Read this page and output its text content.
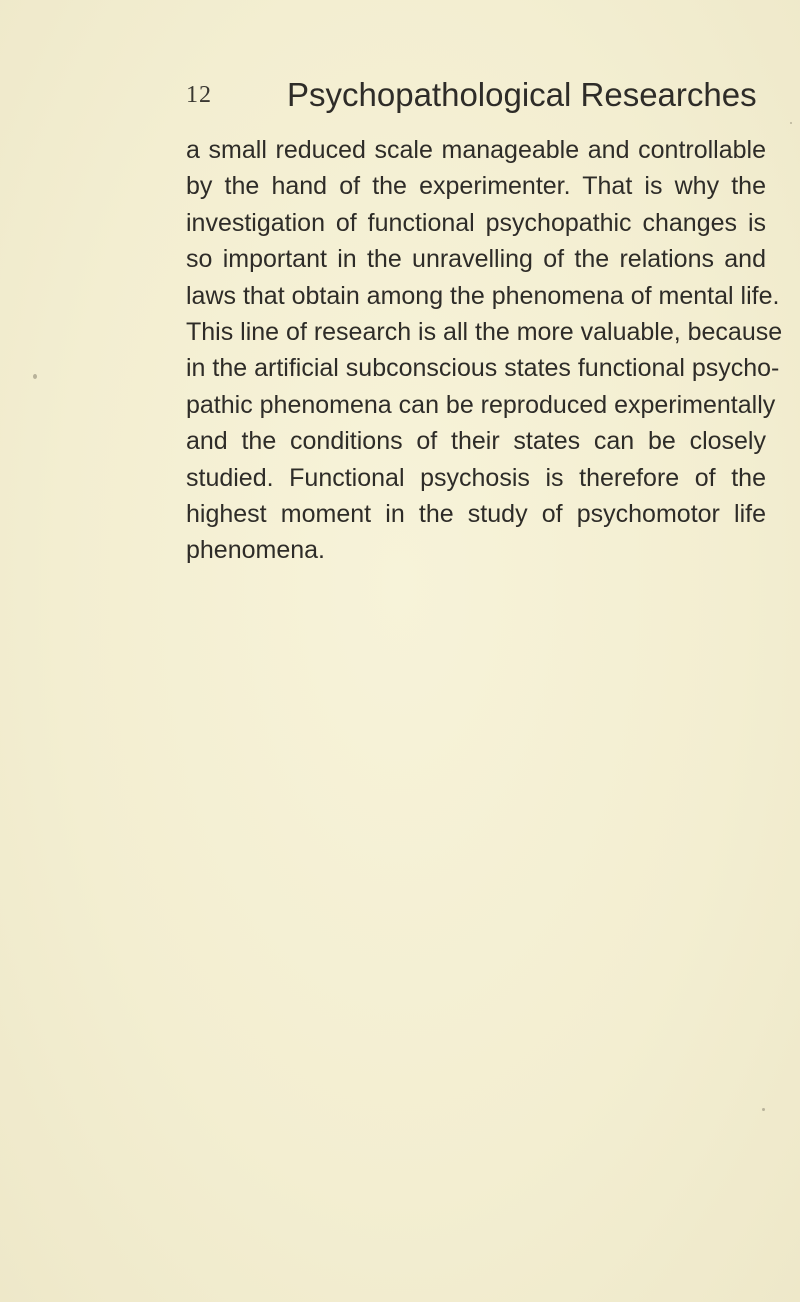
12 Psychopathological Researches
a small reduced scale manageable and controllable
by the hand of the experimenter. That is why the
investigation of functional psychopathic changes is
so important in the unravelling of the relations and
laws that obtain among the phenomena of mental life.
This line of research is all the more valuable, because
in the artificial subconscious states functional psycho-
pathic phenomena can be reproduced experimentally
and the conditions of their states can be closely
studied. Functional psychosis is therefore of the
highest moment in the study of psychomotor life
phenomena.
